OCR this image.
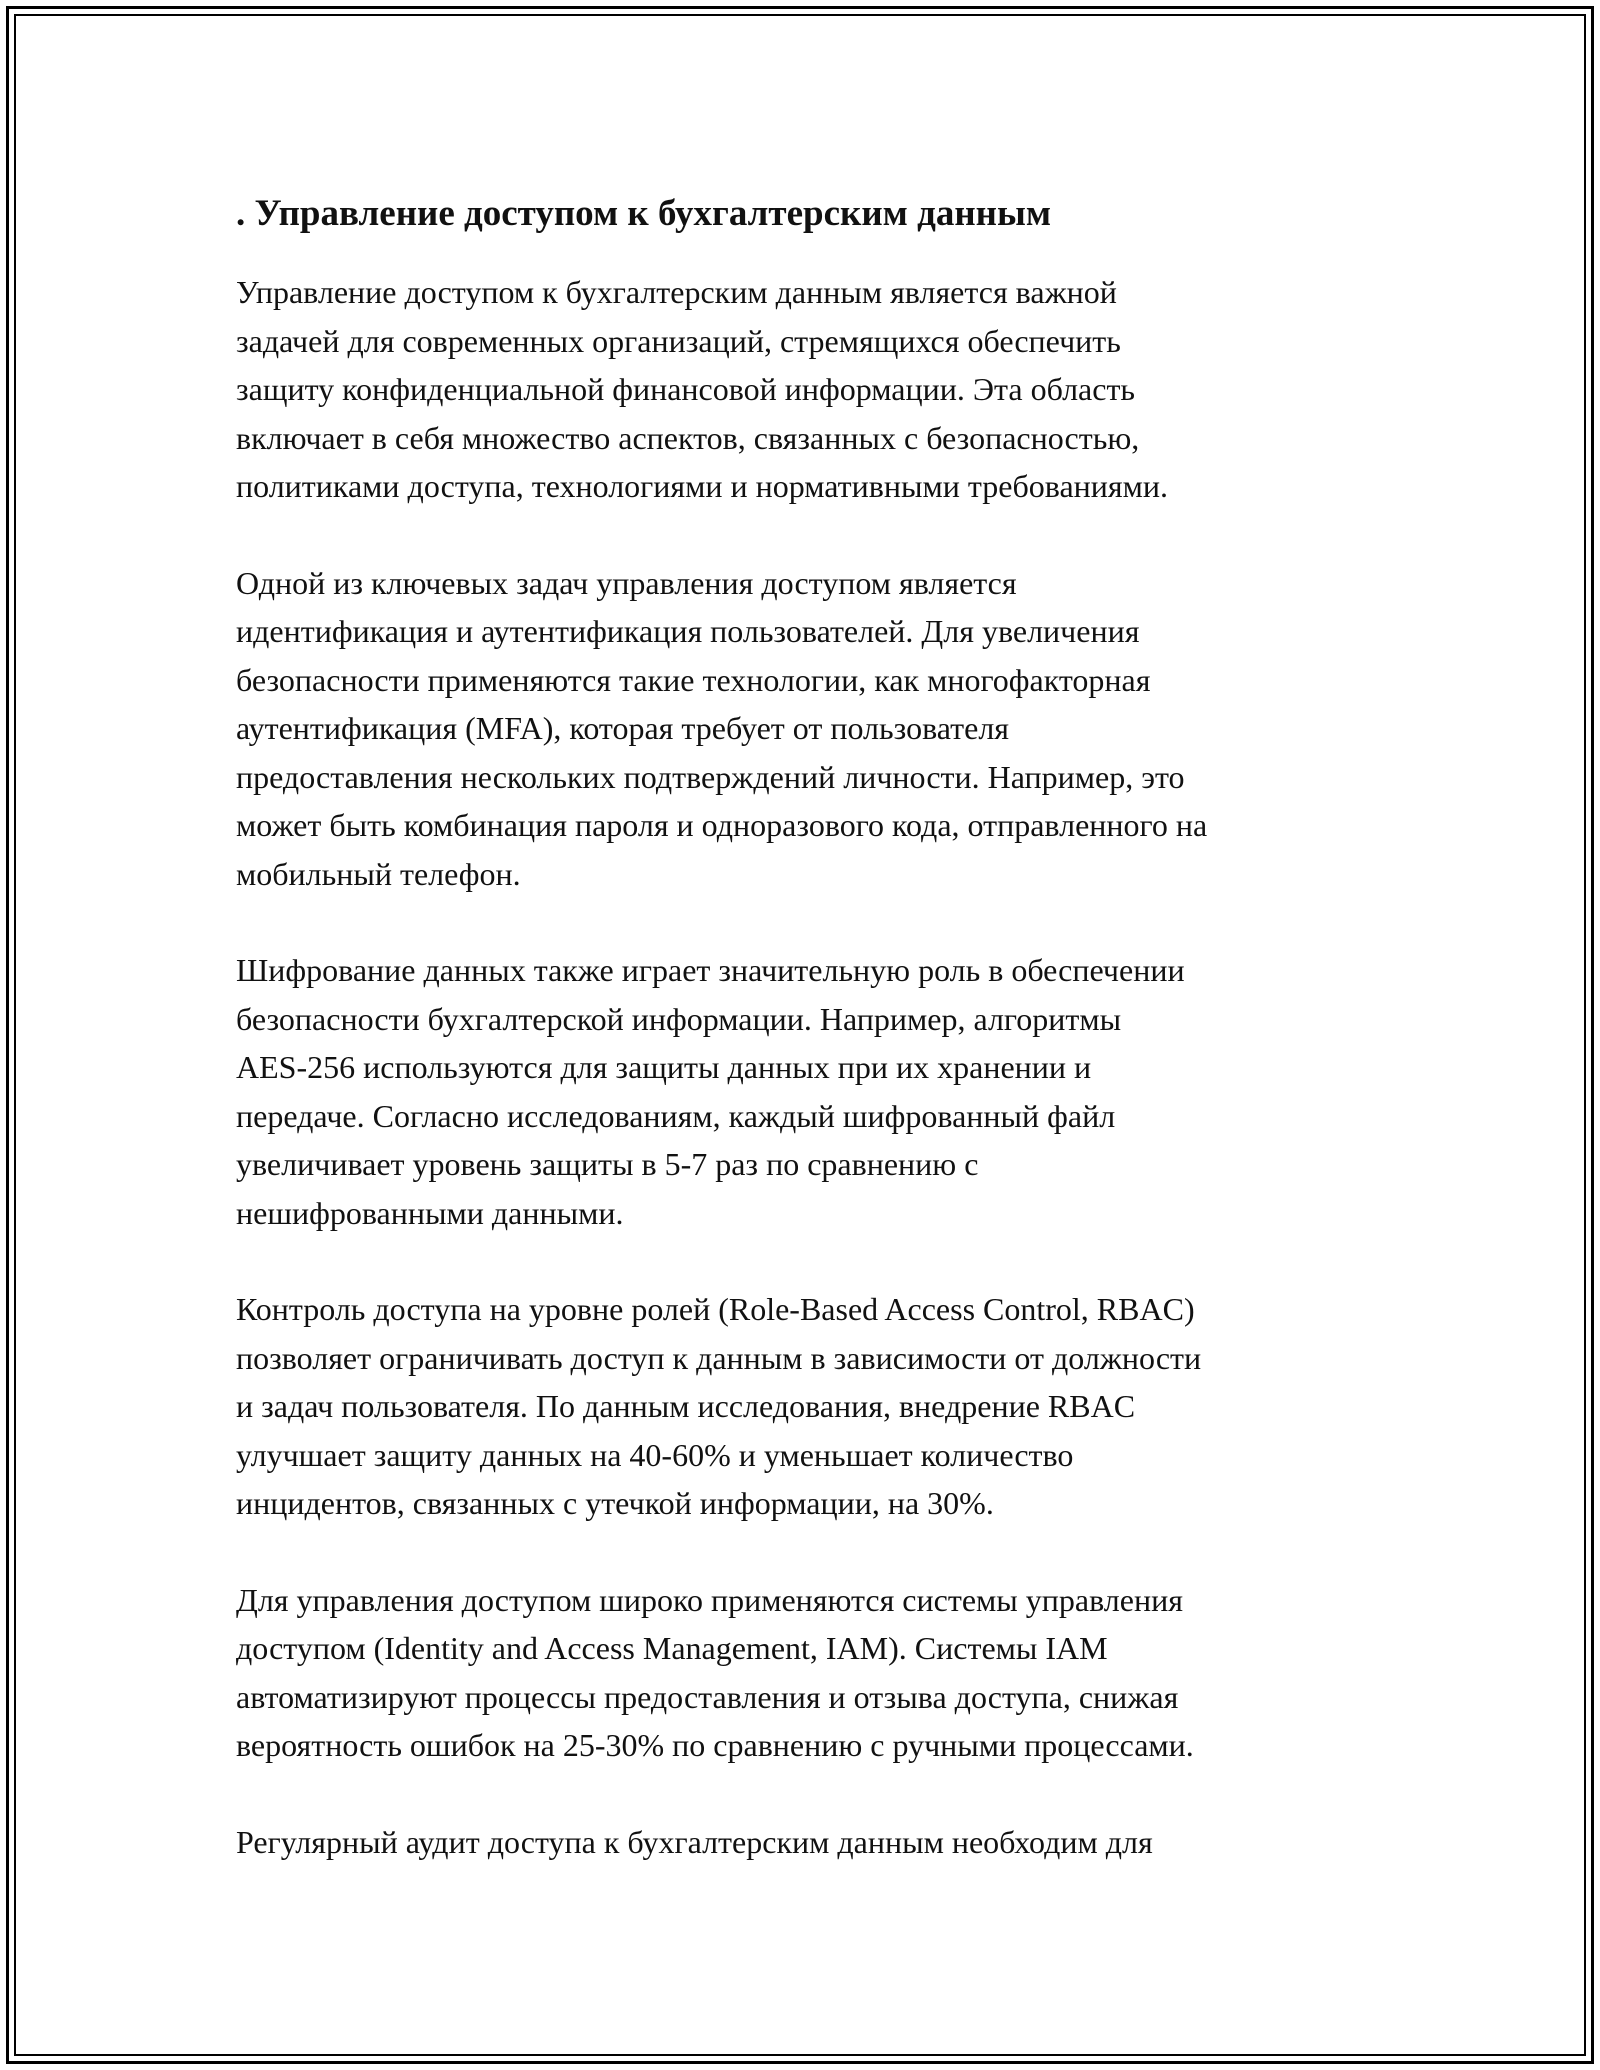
. Управление доступом к бухгалтерским данным

Управление доступом к бухгалтерским данным является важной
задачей для современных организаций, стремящихся обеспечить
защиту конфиденциальной финансовой информации. Эта область
включает в себя множество аспектов, связанных с безопасностью,
политиками доступа, технологиями и нормативными требованиями.

Одной из ключевых задач управления доступом является
идентификация и аутентификация пользователей. Для увеличения
безопасности применяются такие технологии, как многофакторная
аутентификация (MFA), которая требует от пользователя
предоставления нескольких подтверждений личности. Например, это
может быть комбинация пароля и одноразового кода, отправленного на
мобильный телефон.

Шифрование данных также играет значительную роль в обеспечении
безопасности бухгалтерской информации. Например, алгоритмы
AES-256 используются для защиты данных при их хранении и
передаче. Согласно исследованиям, каждый шифрованный файл
увеличивает уровень защиты в 5-7 раз по сравнению с
нешифрованными данными.

Контроль доступа на уровне ролей (Role-Based Access Control, RBAC)
позволяет ограничивать доступ к данным в зависимости от должности
и задач пользователя. По данным исследования, внедрение RBAC
улучшает защиту данных на 40-60% и уменьшает количество
инцидентов, связанных с утечкой информации, на 30%.

Для управления доступом широко применяются системы управления
доступом (Identity and Access Management, IAM). Системы IAM
автоматизируют процессы предоставления и отзыва доступа, снижая
вероятность ошибок на 25-30% по сравнению с ручными процессами.

Регулярный аудит доступа к бухгалтерским данным необходим для
